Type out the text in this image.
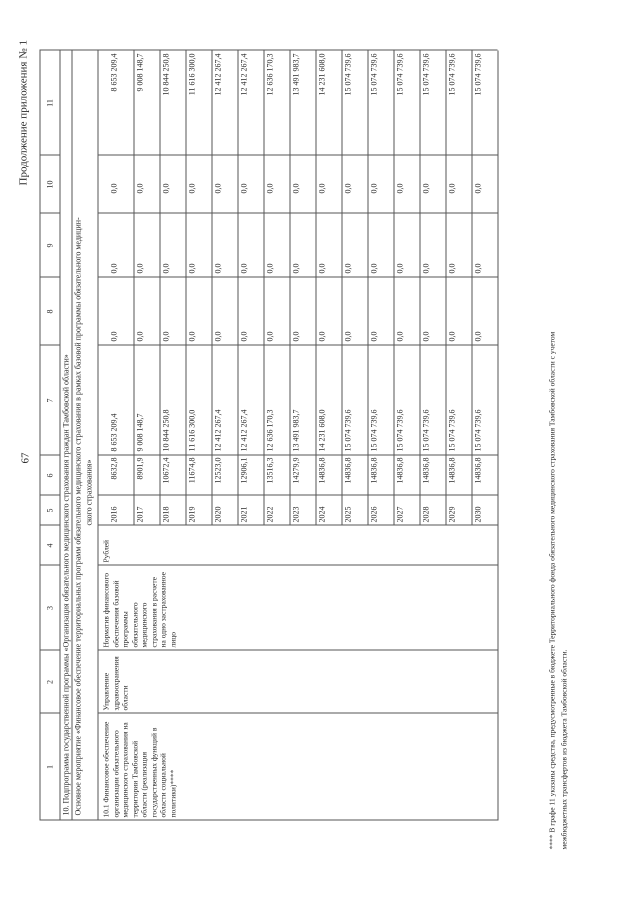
67
Продолжение приложения № 1
1
2
3
4
5
6
7
8
9
10
11
10. Подпрограмма государственной программы «Организация обязательного медицинского страхования граждан Тамбовской области» Основное мероприятие «Финансовое обеспечение территориальных программ обязательного медицинского страхования в рамках базовой программы обязательного медицин- ского страхования»
10.1 Финансовое обеспечение организации обязательного медицинского страхования на территории Тамбовской области (реализация государственных функций в области социальной политики)****
Управление здравоохранения области
Норматив финансового обеспечения базовой программы обязательного медицинского страхования в расчете на одно застрахованное лицо
Рублей
2016
8632,8
8 653 209,4
0,0
0,0
0,0
8 653 209,4
2017
8901,9
9 008 148,7
0,0
0,0
0,0
9 008 148,7
2018
10672,4
10 844 250,8
0,0
0,0
0,0
10 844 250,8
2019
11674,8
11 616 300,0
0,0
0,0
0,0
11 616 300,0
2020
12523,0
12 412 267,4
0,0
0,0
0,0
12 412 267,4
2021
12906,1
12 412 267,4
0,0
0,0
0,0
12 412 267,4
2022
13516,3
12 636 170,3
0,0
0,0
0,0
12 636 170,3
2023
14279,9
13 491 983,7
0,0
0,0
0,0
13 491 983,7
2024
14836,8
14 231 608,0
0,0
0,0
0,0
14 231 608,0
2025
14836,8
15 074 739,6
0,0
0,0
0,0
15 074 739,6
2026
14836,8
15 074 739,6
0,0
0,0
0,0
15 074 739,6
2027
14836,8
15 074 739,6
0,0
0,0
0,0
15 074 739,6
2028
14836,8
15 074 739,6
0,0
0,0
0,0
15 074 739,6
2029
14836,8
15 074 739,6
0,0
0,0
0,0
15 074 739,6
2030
14836,8
15 074 739,6
0,0
0,0
0,0
15 074 739,6
**** В графе 11 указаны средства, предусмотренные в бюджете Территориального фонда обязательного медицинского страхования Тамбовской области с учетом межбюджетных трансфертов из бюджета Тамбовской области.
